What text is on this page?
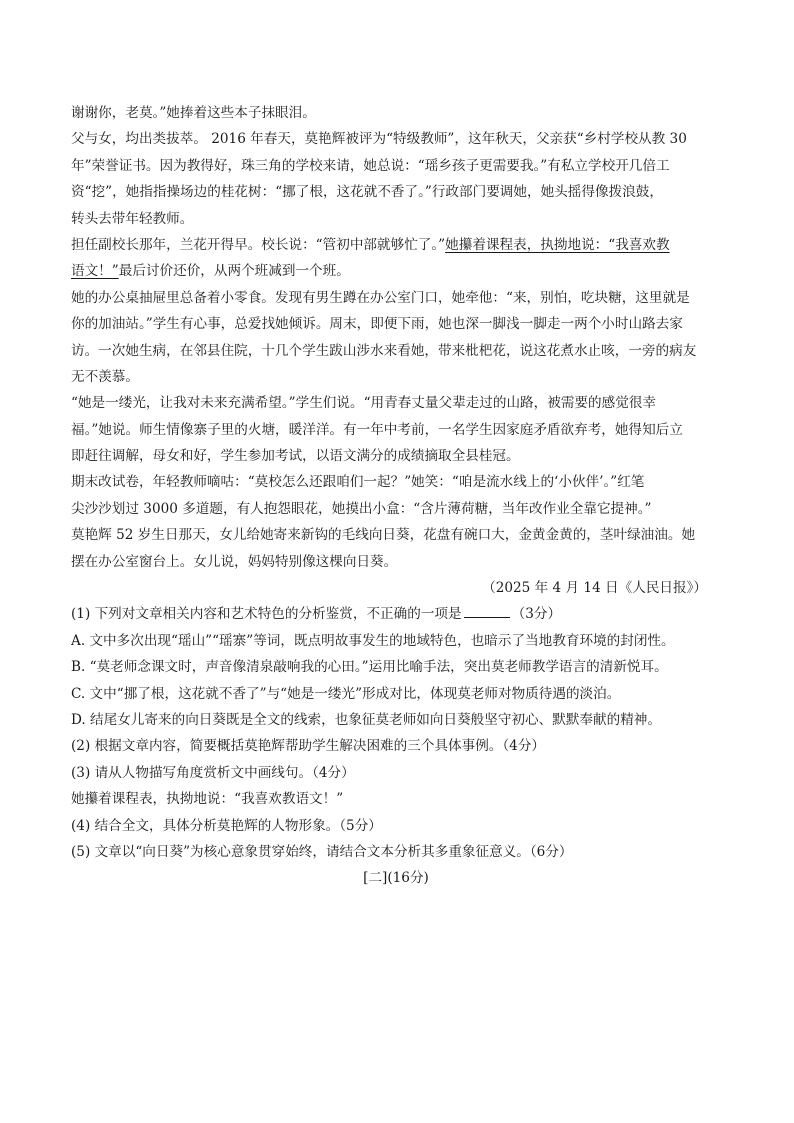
谢谢你，老莫。”她捧着这些本子抹眼泪。
父与女，均出类拔萃。 2016 年春天，莫艳辉被评为“特级教师”，这年秋天，父亲获“乡村学校从教 30
年”荣誉证书。因为教得好，珠三角的学校来请，她总说：“瑶乡孩子更需要我。”有私立学校开几倍工
资“挖”，她指指操场边的桂花树：“挪了根，这花就不香了。”行政部门要调她，她头摇得像拨浪鼓，
转头去带年轻教师。
担任副校长那年，兰花开得早。校长说：“管初中部就够忙了。”她攥着课程表，执拗地说：“我喜欢教
语文！”最后讨价还价，从两个班减到一个班。
她的办公桌抽屉里总备着小零食。发现有男生蹲在办公室门口，她牵他：“来，别怕，吃块糖，这里就是
你的加油站。”学生有心事，总爱找她倾诉。周末，即便下雨，她也深一脚浅一脚走一两个小时山路去家
访。一次她生病，在邻县住院，十几个学生跋山涉水来看她，带来枇杷花，说这花煮水止咳，一旁的病友
无不羡慕。
“她是一缕光，让我对未来充满希望。”学生们说。“用青春丈量父辈走过的山路，被需要的感觉很幸
福。”她说。师生情像寨子里的火塘，暖洋洋。有一年中考前，一名学生因家庭矛盾欲弃考，她得知后立
即赶往调解，母女和好，学生参加考试，以语文满分的成绩摘取全县桂冠。
期末改试卷，年轻教师嘀咕：“莫校怎么还跟咱们一起？”她笑：“咱是流水线上的‘小伙伴’。”红笔
尖沙沙划过 3000 多道题，有人抱怨眼花，她摸出小盒：“含片薄荷糖，当年改作业全靠它提神。”
莫艳辉 52 岁生日那天，女儿给她寄来新钩的毛线向日葵，花盘有碗口大，金黄金黄的，茎叶绿油油。她
摆在办公室窗台上。女儿说，妈妈特别像这棵向日葵。
（2025 年 4 月 14 日《人民日报》）
(1) 下列对文章相关内容和艺术特色的分析鉴赏，不正确的一项是	（3分）
A. 文中多次出现“瑶山”“瑶寨”等词，既点明故事发生的地域特色，也暗示了当地教育环境的封闭性。
B. “莫老师念课文时，声音像清泉敲响我的心田。”运用比喻手法，突出莫老师教学语言的清新悦耳。
C. 文中“挪了根，这花就不香了”与“她是一缕光”形成对比，体现莫老师对物质待遇的淡泊。
D. 结尾女儿寄来的向日葵既是全文的线索，也象征莫老师如向日葵般坚守初心、默默奉献的精神。
(2) 根据文章内容，简要概括莫艳辉帮助学生解决困难的三个具体事例。（4分）
(3) 请从人物描写角度赏析文中画线句。（4分）
她攥着课程表，执拗地说：“我喜欢教语文！”
(4) 结合全文，具体分析莫艳辉的人物形象。（5分）
(5) 文章以“向日葵”为核心意象贯穿始终，请结合文本分析其多重象征意义。（6分）
[二](16分)
